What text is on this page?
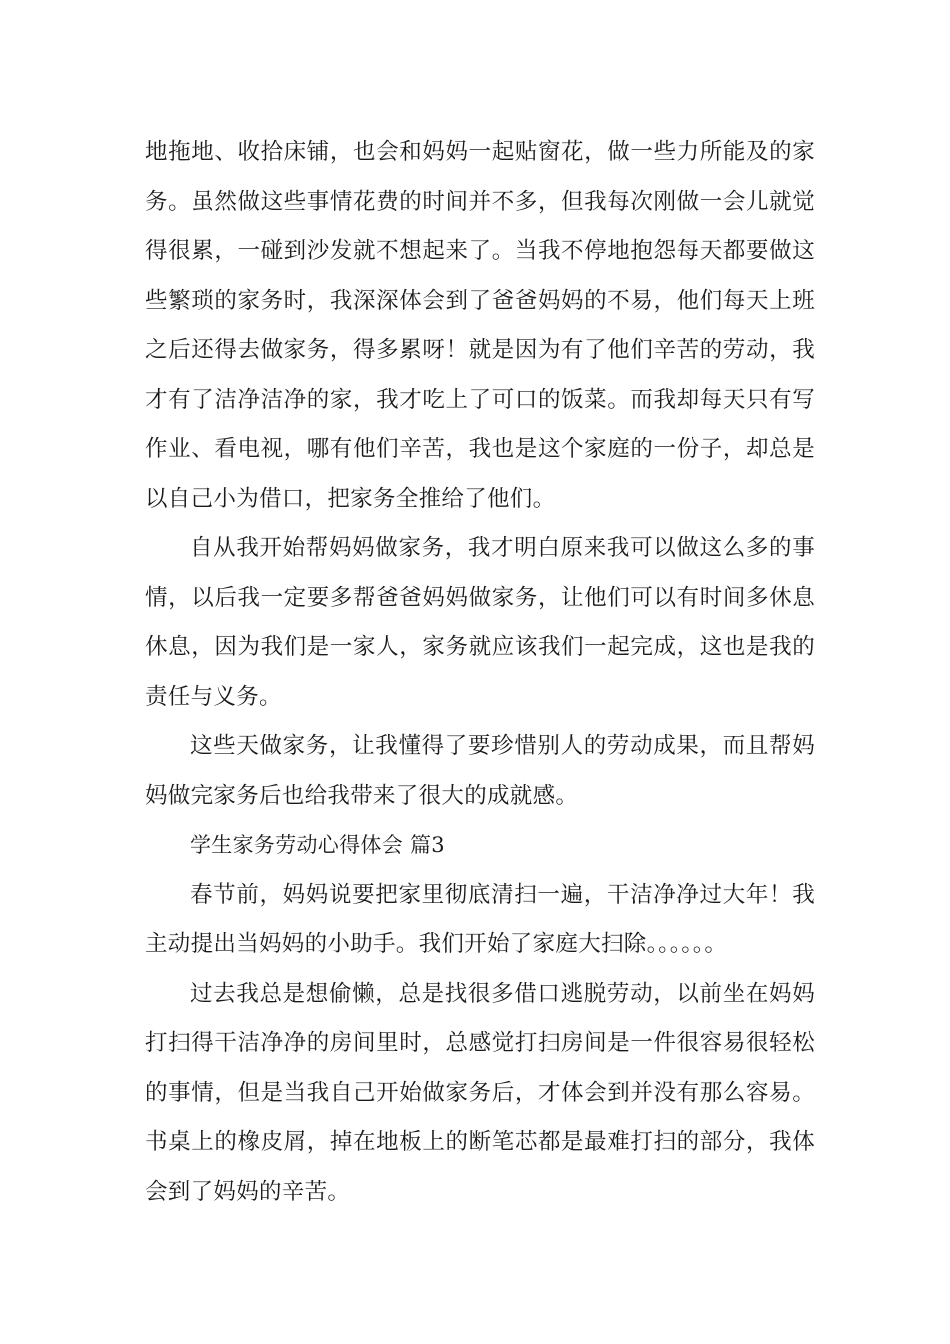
地拖地、收拾床铺，也会和妈妈一起贴窗花，做一些力所能及的家务。虽然做这些事情花费的时间并不多，但我每次刚做一会儿就觉得很累，一碰到沙发就不想起来了。当我不停地抱怨每天都要做这些繁琐的家务时，我深深体会到了爸爸妈妈的不易，他们每天上班之后还得去做家务，得多累呀！就是因为有了他们辛苦的劳动，我才有了洁净洁净的家，我才吃上了可口的饭菜。而我却每天只有写作业、看电视，哪有他们辛苦，我也是这个家庭的一份子，却总是以自己小为借口，把家务全推给了他们。

自从我开始帮妈妈做家务，我才明白原来我可以做这么多的事情，以后我一定要多帮爸爸妈妈做家务，让他们可以有时间多休息休息，因为我们是一家人，家务就应该我们一起完成，这也是我的责任与义务。

这些天做家务，让我懂得了要珍惜别人的劳动成果，而且帮妈妈做完家务后也给我带来了很大的成就感。

学生家务劳动心得体会 篇3

春节前，妈妈说要把家里彻底清扫一遍，干洁净净过大年！我主动提出当妈妈的小助手。我们开始了家庭大扫除。。。。。。

过去我总是想偷懒，总是找很多借口逃脱劳动，以前坐在妈妈打扫得干洁净净的房间里时，总感觉打扫房间是一件很容易很轻松的事情，但是当我自己开始做家务后，才体会到并没有那么容易。书桌上的橡皮屑，掉在地板上的断笔芯都是最难打扫的部分，我体会到了妈妈的辛苦。
